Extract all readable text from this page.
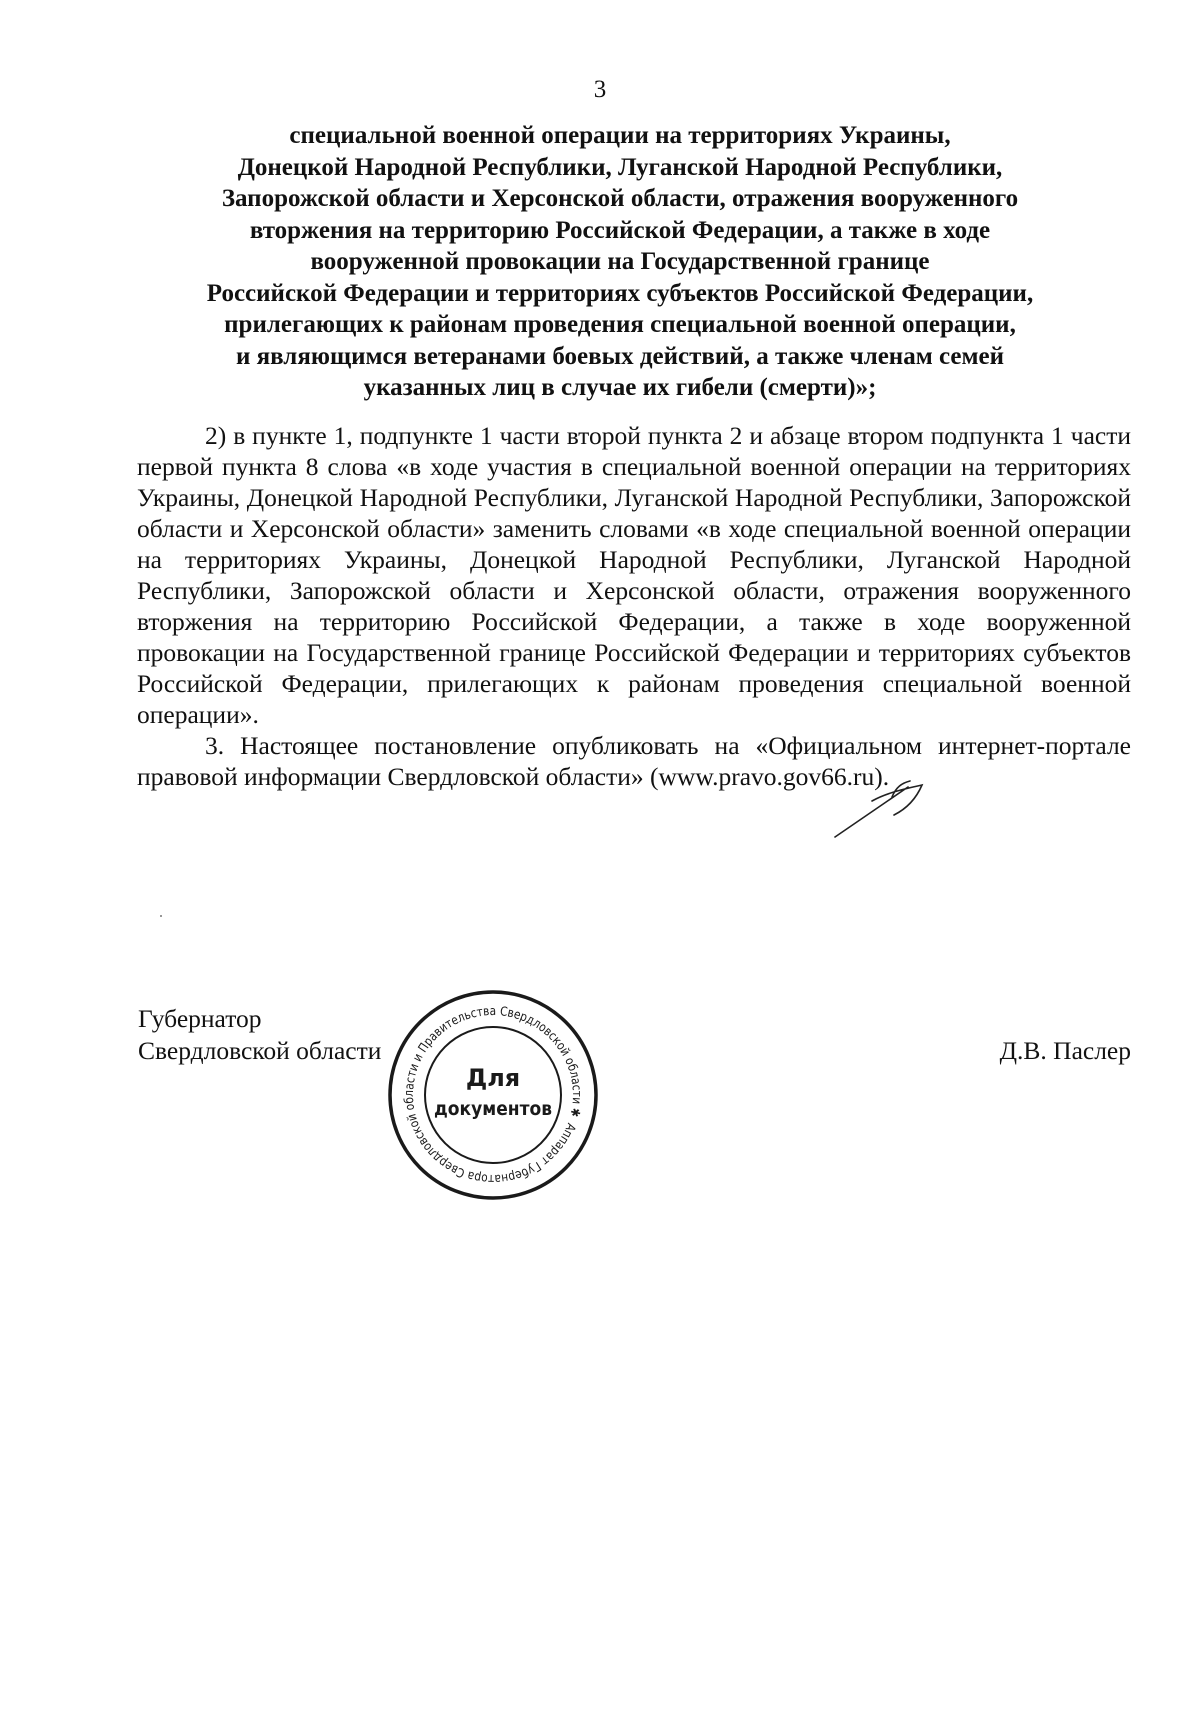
3
специальной военной операции на территориях Украины,
Донецкой Народной Республики, Луганской Народной Республики,
Запорожской области и Херсонской области, отражения вооруженного
вторжения на территорию Российской Федерации, а также в ходе
вооруженной провокации на Государственной границе
Российской Федерации и территориях субъектов Российской Федерации,
прилегающих к районам проведения специальной военной операции,
и являющимся ветеранами боевых действий, а также членам семей
указанных лиц в случае их гибели (смерти)»;

2) в пункте 1, подпункте 1 части второй пункта 2 и абзаце втором подпункта 1 части первой пункта 8 слова «в ходе участия в специальной военной операции на территориях Украины, Донецкой Народной Республики, Луганской Народной Республики, Запорожской области и Херсонской области» заменить словами «в ходе специальной военной операции на территориях Украины, Донецкой Народной Республики, Луганской Народной Республики, Запорожской области и Херсонской области, отражения вооруженного вторжения на территорию Российской Федерации, а также в ходе вооруженной провокации на Государственной границе Российской Федерации и территориях субъектов Российской Федерации, прилегающих к районам проведения специальной военной операции».

3. Настоящее постановление опубликовать на «Официальном интернет-портале правовой информации Свердловской области» (www.pravo.gov66.ru).

Губернатор
Свердловской области	Д.В. Паслер
Аппарат Губернатора Свердловской области и Правительства Свердловской области ✱
Для
документов
